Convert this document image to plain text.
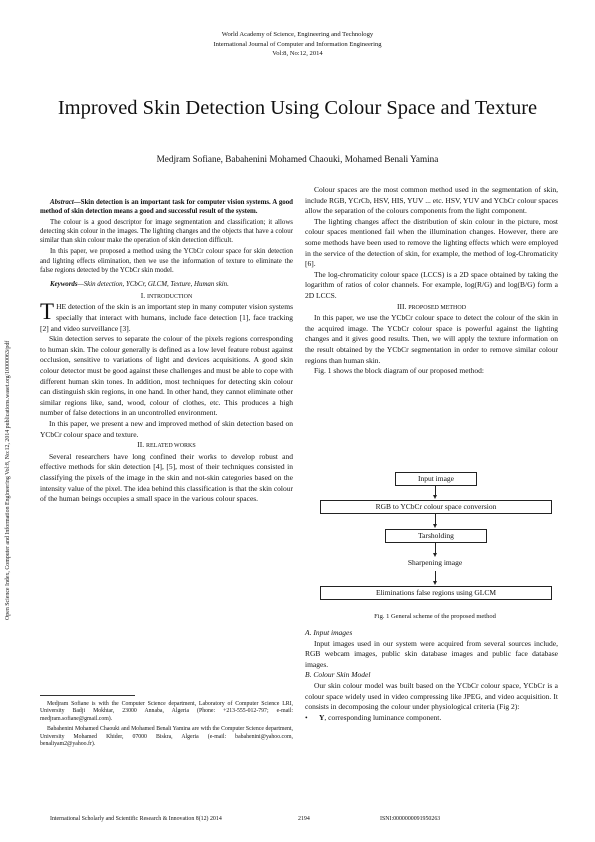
World Academy of Science, Engineering and Technology
International Journal of Computer and Information Engineering
Vol:8, No:12, 2014
Improved Skin Detection Using Colour Space and Texture
Medjram Sofiane, Babahenini Mohamed Chaouki, Mohamed Benali Yamina
Open Science Index, Computer and Information Engineering Vol:8, No:12, 2014 publications.waset.org/10000063/pdf

Abstract—Skin detection is an important task for computer vision systems. A good method of skin detection means a good and successful result of the system.

The colour is a good descriptor for image segmentation and classification; it allows detecting skin colour in the images. The lighting changes and the objects that have a colour similar than skin colour make the operation of skin detection difficult.

In this paper, we proposed a method using the YCbCr colour space for skin detection and lighting effects elimination, then we use the information of texture to eliminate the false regions detected by the YCbCr skin model.

Keywords—Skin detection, YCbCr, GLCM, Texture, Human skin.

I. INTRODUCTION

THE detection of the skin is an important step in many computer vision systems specially that interact with humans, include face detection [1], face tracking [2] and video surveillance [3].

Skin detection serves to separate the colour of the pixels regions corresponding to human skin. The colour generally is defined as a low level feature robust against occlusion, sensitive to variations of light and devices acquisitions. A good skin colour detector must be good against these challenges and must be able to cope with different human skin tones. In addition, most techniques for detecting skin colour can distinguish skin regions, in one hand. In other hand, they cannot eliminate other similar regions like, sand, wood, colour of clothes, etc. This produces a high number of false detections in an uncontrolled environment.

In this paper, we present a new and improved method of skin detection based on YCbCr colour space and texture.

II. RELATED WORKS

Several researchers have long confined their works to develop robust and effective methods for skin detection [4], [5], most of their techniques consisted in classifying the pixels of the image in the skin and not-skin categories based on the intensity value of the pixel. The idea behind this classification is that the skin colour of the human beings occupies a small space in the various colour spaces.

Medjram Sofiane is with the Computer Science department, Laboratory of Computer Science LRI, University Badji Mokhtar, 23000 Annaba, Algeria (Phone: +213-555-012-797; e-mail: medjram.sofiane@gmail.com).

Babahenini Mohamed Chaouki and Mohamed Benali Yamina are with the Computer Science department, University Mohamed Khider, 07000 Biskra, Algeria (e-mail: babahenini@yahoo.com, benaliyam2@yahoo.fr).

Colour spaces are the most common method used in the segmentation of skin, include RGB, YCrCb, HSV, HIS, YUV ... etc. HSV, YUV and YCbCr colour spaces allow the separation of the colours components from the light component.

The lighting changes affect the distribution of skin colour in the picture, most colour spaces mentioned fail when the illumination changes. However, there are some methods have been used to remove the lighting effects which were employed in the service of the detection of skin, for example, the method of log-Chromaticity [6].

The log-chromaticity colour space (LCCS) is a 2D space obtained by taking the logarithm of ratios of color channels. For example, log(R/G) and log(B/G) form a 2D LCCS.

III. PROPOSED METHOD

In this paper, we use the YCbCr colour space to detect the colour of the skin in the acquired image. The YCbCr colour space is powerful against the lighting changes and it gives good results. Then, we will apply the texture information on the result obtained by the YCbCr segmentation in order to remove similar colour regions than human skin.

Fig. 1 shows the block diagram of our proposed method:

Input image
RGB to YCbCr colour space conversion
Tarsholding
Sharpening image
Eliminations false regions using GLCM
Fig. 1 General scheme of the proposed method

A. Input images

Input images used in our system were acquired from several sources include, RGB webcam images, public skin database images and public face database images.

B. Colour Skin Model

Our skin colour model was built based on the YCbCr colour space, YCbCr is a colour space widely used in video compressing like JPEG, and video acquisition. It consists in decomposing the colour under physiological criteria (Fig 2):

• Y, corresponding luminance component.

International Scholarly and Scientific Research & Innovation 8(12) 2014	2194	ISNI:0000000091950263
